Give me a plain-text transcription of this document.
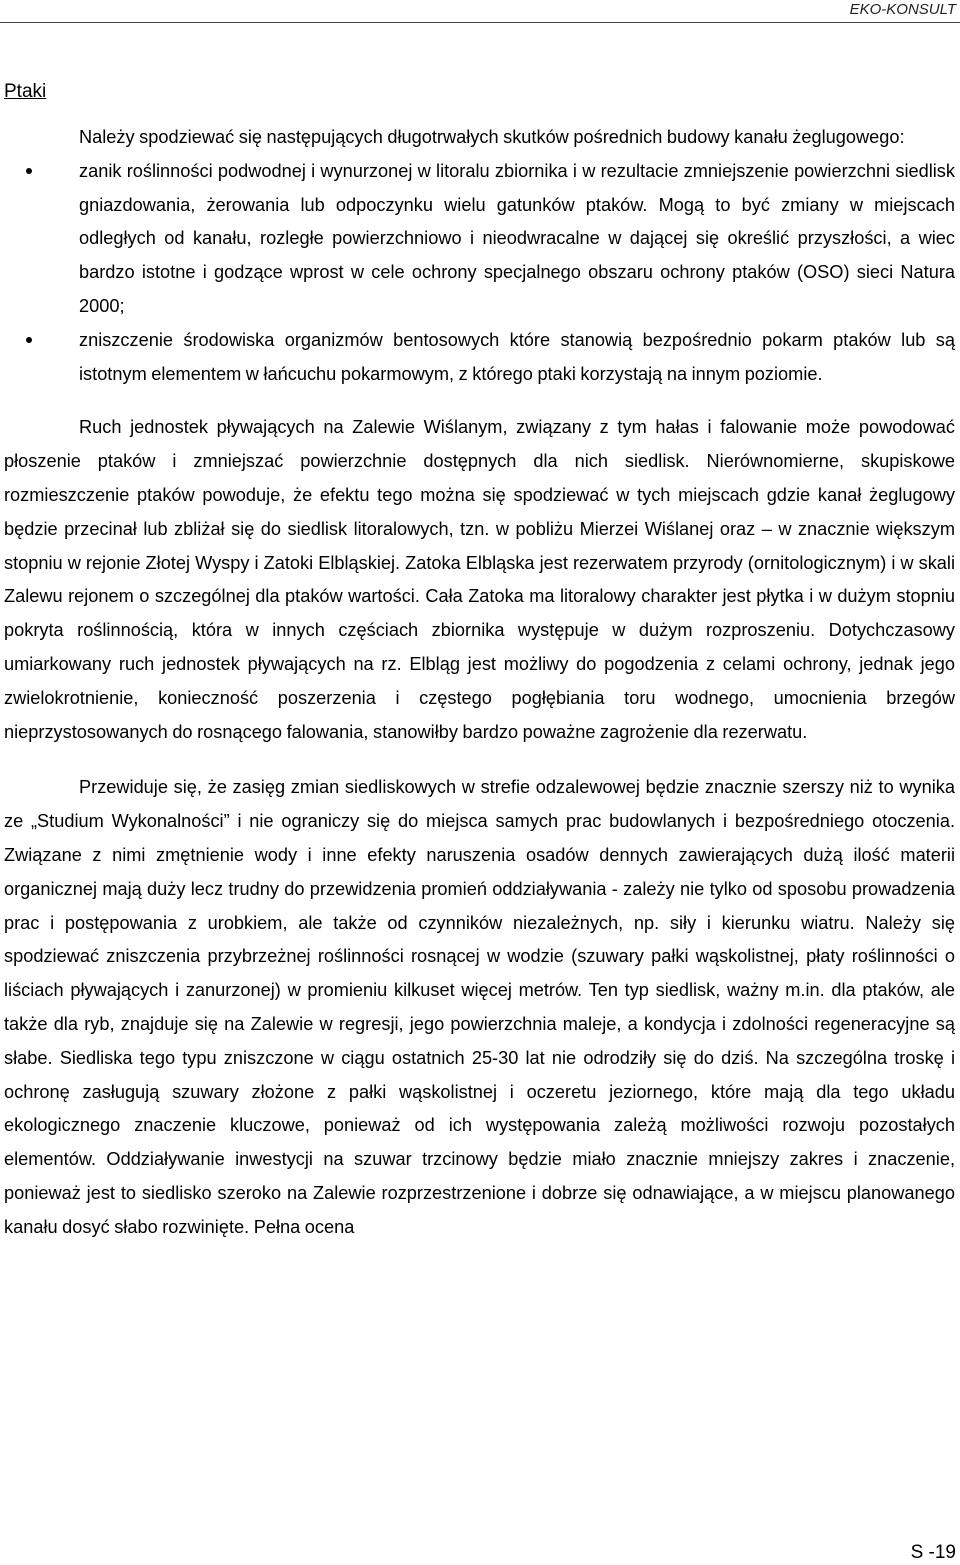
EKO-KONSULT
Ptaki

Należy spodziewać się następujących długotrwałych skutków pośrednich budowy kanału żeglugowego:

zanik roślinności podwodnej i wynurzonej w litoralu zbiornika i w rezultacie zmniejszenie powierzchni siedlisk gniazdowania, żerowania lub odpoczynku wielu gatunków ptaków. Mogą to być zmiany w miejscach odległych od kanału, rozległe powierzchniowo i nieodwracalne w dającej się określić przyszłości, a wiec bardzo istotne i godzące wprost w cele ochrony specjalnego obszaru ochrony ptaków (OSO) sieci Natura 2000;
zniszczenie środowiska organizmów bentosowych które stanowią bezpośrednio pokarm ptaków lub są istotnym elementem w łańcuchu pokarmowym, z którego ptaki korzystają na innym poziomie.

Ruch jednostek pływających na Zalewie Wiślanym, związany z tym hałas i falowanie może powodować płoszenie ptaków i zmniejszać powierzchnie dostępnych dla nich siedlisk. Nierównomierne, skupiskowe rozmieszczenie ptaków powoduje, że efektu tego można się spodziewać w tych miejscach gdzie kanał żeglugowy będzie przecinał lub zbliżał się do siedlisk litoralowych, tzn. w pobliżu Mierzei Wiślanej oraz – w znacznie większym stopniu w rejonie Złotej Wyspy i Zatoki Elbląskiej. Zatoka Elbląska jest rezerwatem przyrody (ornitologicznym) i w skali Zalewu rejonem o szczególnej dla ptaków wartości. Cała Zatoka ma litoralowy charakter jest płytka i w dużym stopniu pokryta roślinnością, która w innych częściach zbiornika występuje w dużym rozproszeniu. Dotychczasowy umiarkowany ruch jednostek pływających na rz. Elbląg jest możliwy do pogodzenia z celami ochrony, jednak jego zwielokrotnienie, konieczność poszerzenia i częstego pogłębiania toru wodnego, umocnienia brzegów nieprzystosowanych do rosnącego falowania, stanowiłby bardzo poważne zagrożenie dla rezerwatu.

Przewiduje się, że zasięg zmian siedliskowych w strefie odzalewowej będzie znacznie szerszy niż to wynika ze „Studium Wykonalności” i nie ograniczy się do miejsca samych prac budowlanych i bezpośredniego otoczenia. Związane z nimi zmętnienie wody i inne efekty naruszenia osadów dennych zawierających dużą ilość materii organicznej mają duży lecz trudny do przewidzenia promień oddziaływania - zależy nie tylko od sposobu prowadzenia prac i postępowania z urobkiem, ale także od czynników niezależnych, np. siły i kierunku wiatru. Należy się spodziewać zniszczenia przybrzeżnej roślinności rosnącej w wodzie (szuwary pałki wąskolistnej, płaty roślinności o liściach pływających i zanurzonej) w promieniu kilkuset więcej metrów. Ten typ siedlisk, ważny m.in. dla ptaków, ale także dla ryb, znajduje się na Zalewie w regresji, jego powierzchnia maleje, a kondycja i zdolności regeneracyjne są słabe. Siedliska tego typu zniszczone w ciągu ostatnich 25-30 lat nie odrodziły się do dziś. Na szczególna troskę i ochronę zasługują szuwary złożone z pałki wąskolistnej i oczeretu jeziornego, które mają dla tego układu ekologicznego znaczenie kluczowe, ponieważ od ich występowania zależą możliwości rozwoju pozostałych elementów. Oddziaływanie inwestycji na szuwar trzcinowy będzie miało znacznie mniejszy zakres i znaczenie, ponieważ jest to siedlisko szeroko na Zalewie rozprzestrzenione i dobrze się odnawiające, a w miejscu planowanego kanału dosyć słabo rozwinięte. Pełna ocena

S -19
